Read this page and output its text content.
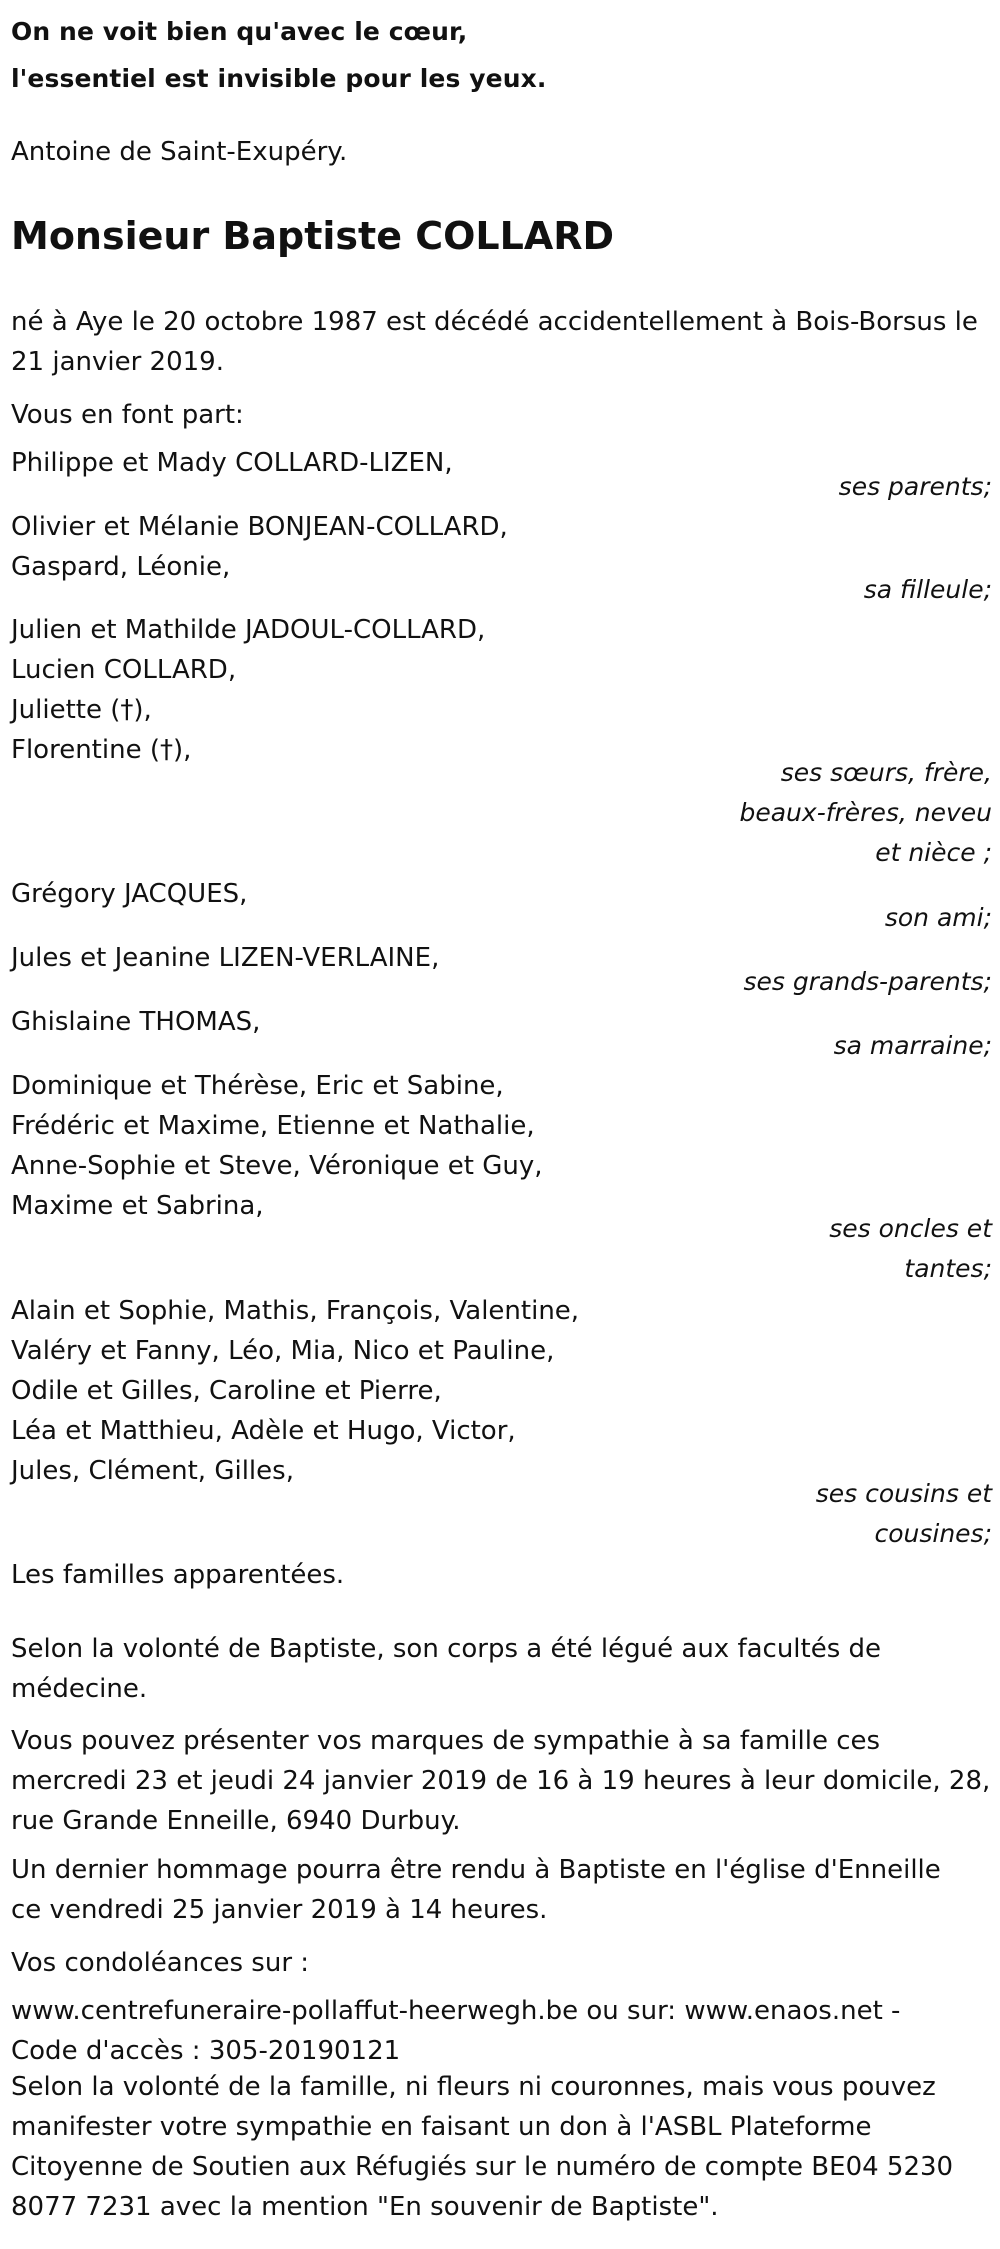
On ne voit bien qu'avec le cœur,
l'essentiel est invisible pour les yeux.
Antoine de Saint-Exupéry.
Monsieur Baptiste COLLARD
né à Aye le 20 octobre 1987 est décédé accidentellement à Bois-Borsus le
21 janvier 2019.
Vous en font part:
Philippe et Mady COLLARD-LIZEN,
ses parents;
Olivier et Mélanie BONJEAN-COLLARD,
Gaspard, Léonie,
sa filleule;
Julien et Mathilde JADOUL-COLLARD,
Lucien COLLARD,
Juliette (†),
Florentine (†),
ses sœurs, frère,
beaux-frères, neveu
et nièce ;
Grégory JACQUES,
son ami;
Jules et Jeanine LIZEN-VERLAINE,
ses grands-parents;
Ghislaine THOMAS,
sa marraine;
Dominique et Thérèse, Eric et Sabine,
Frédéric et Maxime, Etienne et Nathalie,
Anne-Sophie et Steve, Véronique et Guy,
Maxime et Sabrina,
ses oncles et
tantes;
Alain et Sophie, Mathis, François, Valentine,
Valéry et Fanny, Léo, Mia, Nico et Pauline,
Odile et Gilles, Caroline et Pierre,
Léa et Matthieu, Adèle et Hugo, Victor,
Jules, Clément, Gilles,
ses cousins et
cousines;
Les familles apparentées.
Selon la volonté de Baptiste, son corps a été légué aux facultés de
médecine.
Vous pouvez présenter vos marques de sympathie à sa famille ces
mercredi 23 et jeudi 24 janvier 2019 de 16 à 19 heures à leur domicile, 28,
rue Grande Enneille, 6940 Durbuy.
Un dernier hommage pourra être rendu à Baptiste en l'église d'Enneille
ce vendredi 25 janvier 2019 à 14 heures.
Vos condoléances sur :
www.centrefuneraire-pollaffut-heerwegh.be ou sur: www.enaos.net -
Code d'accès : 305-20190121
Selon la volonté de la famille, ni fleurs ni couronnes, mais vous pouvez
manifester votre sympathie en faisant un don à l'ASBL Plateforme
Citoyenne de Soutien aux Réfugiés sur le numéro de compte BE04 5230
8077 7231 avec la mention "En souvenir de Baptiste".
